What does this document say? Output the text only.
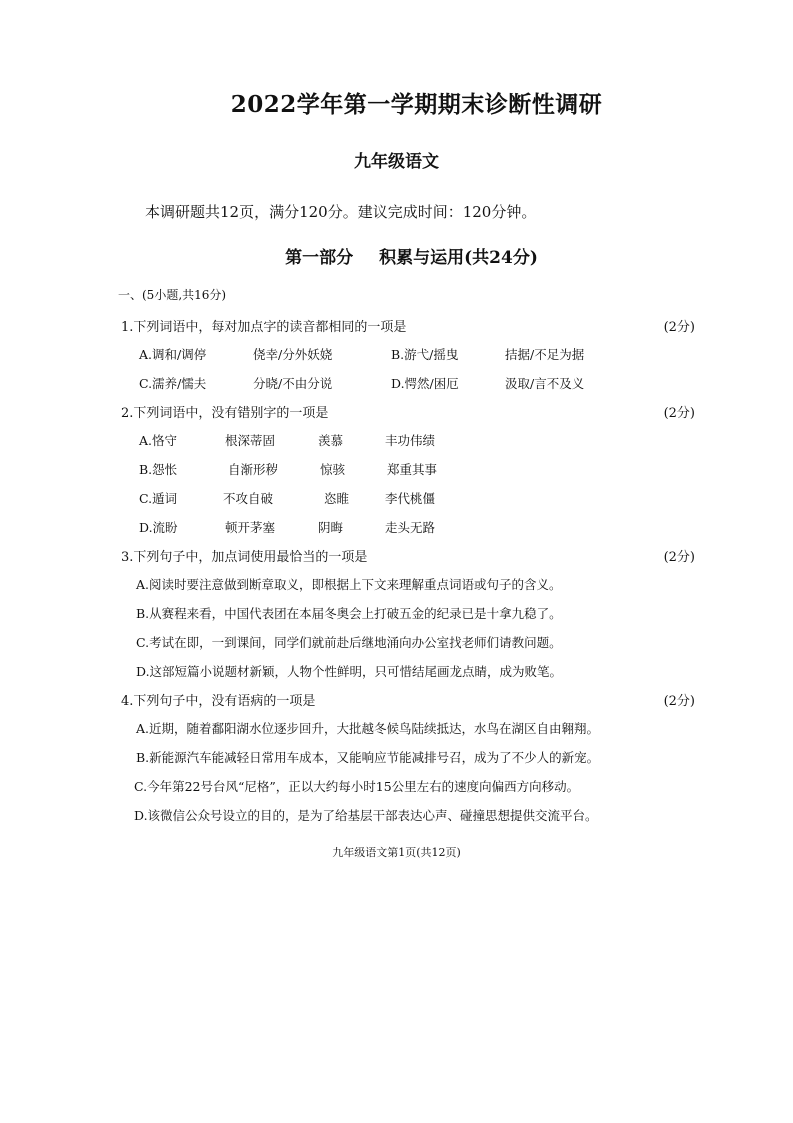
2022学年第一学期期末诊断性调研
九年级语文
本调研题共12页，满分120分。建议完成时间：120分钟。
第一部分 积累与运用(共24分)
一、(5小题,共16分)
1.下列词语中，每对加点字的读音都相同的一项是	(2分)
A.调和/调停	侥幸/分外妖娆	B.游弋/摇曳	拮据/不足为据
C.濡养/懦夫	分晓/不由分说	D.愕然/困厄	汲取/言不及义
2.下列词语中，没有错别字的一项是	(2分)
A.恪守	根深蒂固	羡慕	丰功伟绩
B.怨怅	自渐形秽	惊骇	郑重其事
C.遁词	不攻自破	恣睢	李代桃僵
D.流盼	顿开茅塞	阴晦	走头无路
3.下列句子中，加点词使用最恰当的一项是	(2分)
A.阅读时要注意做到断章取义，即根据上下文来理解重点词语或句子的含义。
B.从赛程来看，中国代表团在本届冬奥会上打破五金的纪录已是十拿九稳了。
C.考试在即，一到课间，同学们就前赴后继地涌向办公室找老师们请教问题。
D.这部短篇小说题材新颖，人物个性鲜明，只可惜结尾画龙点睛，成为败笔。
4.下列句子中，没有语病的一项是	(2分)
A.近期，随着鄱阳湖水位逐步回升，大批越冬候鸟陆续抵达，水鸟在湖区自由翱翔。
B.新能源汽车能减轻日常用车成本，又能响应节能减排号召，成为了不少人的新宠。
C.今年第22号台风“尼格”，正以大约每小时15公里左右的速度向偏西方向移动。
D.该微信公众号设立的目的，是为了给基层干部表达心声、碰撞思想提供交流平台。
九年级语文第1页(共12页)
